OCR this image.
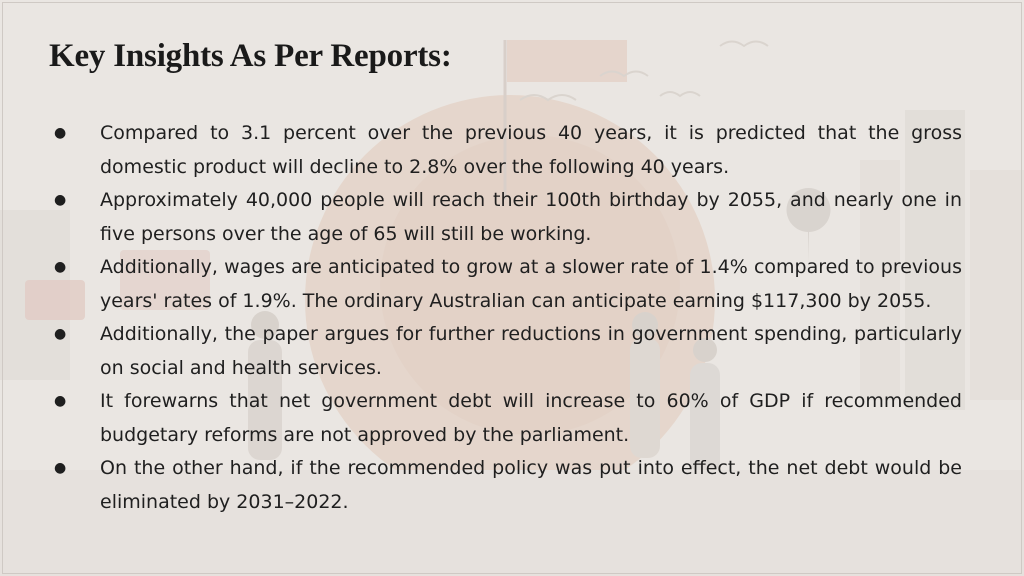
Key Insights As Per Reports:
● Compared to 3.1 percent over the previous 40 years, it is predicted that the gross domestic product will decline to 2.8% over the following 40 years.
● Approximately 40,000 people will reach their 100th birthday by 2055, and nearly one in five persons over the age of 65 will still be working.
● Additionally, wages are anticipated to grow at a slower rate of 1.4% compared to previous years' rates of 1.9%. The ordinary Australian can anticipate earning $117,300 by 2055.
● Additionally, the paper argues for further reductions in government spending, particularly on social and health services.
● It forewarns that net government debt will increase to 60% of GDP if recommended budgetary reforms are not approved by the parliament.
● On the other hand, if the recommended policy was put into effect, the net debt would be eliminated by 2031–2022.
